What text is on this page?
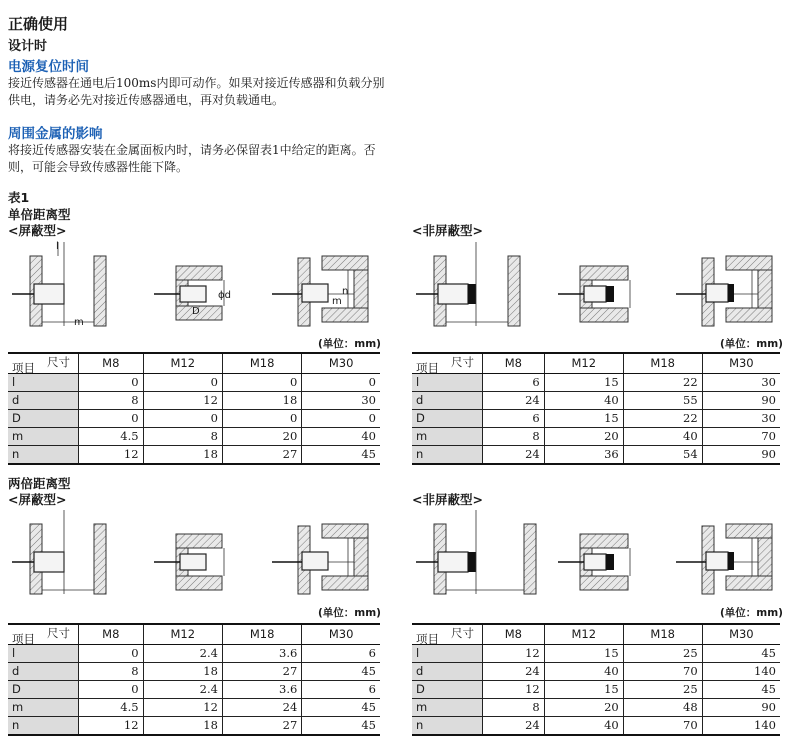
正确使用
设计时
电源复位时间
接近传感器在通电后100ms内即可动作。如果对接近传感器和负载分别供电，请务必先对接近传感器通电，再对负载通电。
周围金属的影响
将接近传感器安装在金属面板内时，请务必保留表1中给定的距离。否则，可能会导致传感器性能下降。
表1
单倍距离型
<屏蔽型>	<非屏蔽型>
l
m
ϕd
D
n
m
(单位：mm)	(单位：mm)
尺寸
项目	M8	M12	M18	M30
l	0	0	0	0
d	8	12	18	30
D	0	0	0	0
m	4.5	8	20	40
n	12	18	27	45
尺寸
项目	M8	M12	M18	M30
l	6	15	22	30
d	24	40	55	90
D	6	15	22	30
m	8	20	40	70
n	24	36	54	90
两倍距离型
<屏蔽型>	<非屏蔽型>
(单位：mm)	(单位：mm)
尺寸
项目	M8	M12	M18	M30
l	0	2.4	3.6	6
d	8	18	27	45
D	0	2.4	3.6	6
m	4.5	12	24	45
n	12	18	27	45
尺寸
项目	M8	M12	M18	M30
l	12	15	25	45
d	24	40	70	140
D	12	15	25	45
m	8	20	48	90
n	24	40	70	140
